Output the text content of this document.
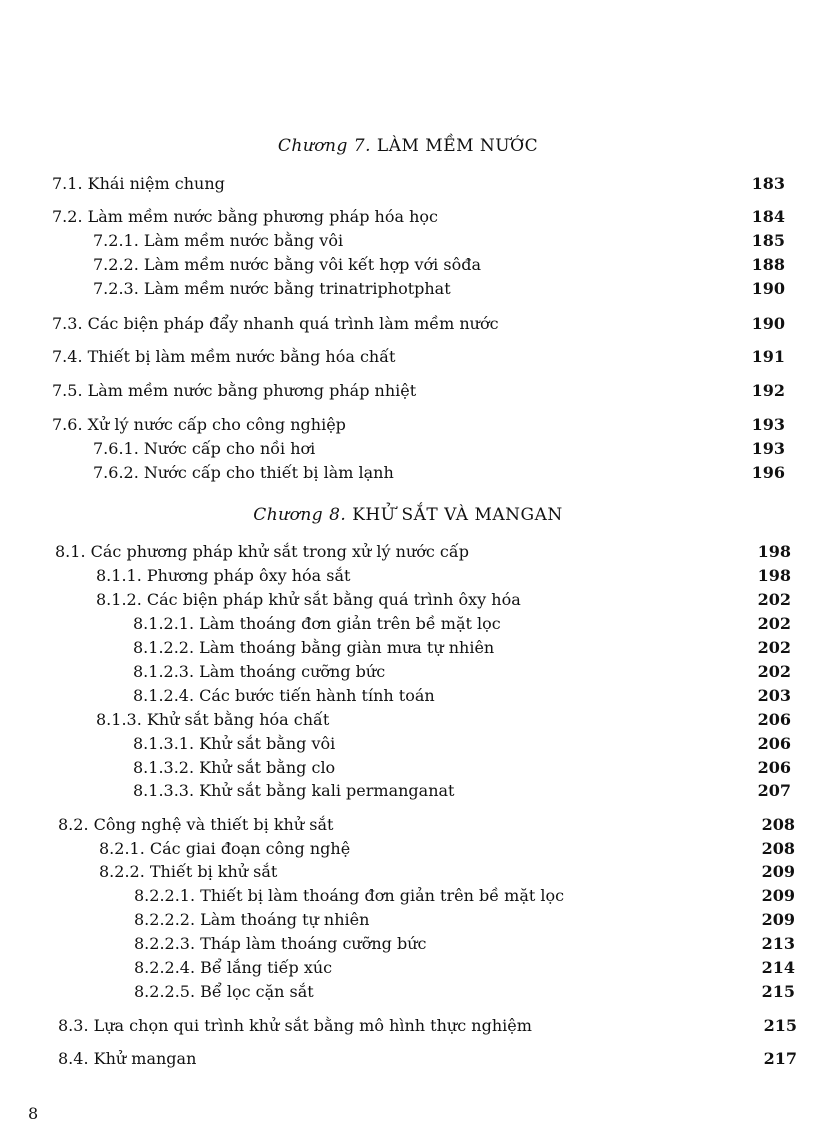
Chương 7. LÀM MỀM NƯỚC
7.1. Khái niệm chung	183
7.2. Làm mềm nước bằng phương pháp hóa học	184
7.2.1. Làm mềm nước bằng vôi	185
7.2.2. Làm mềm nước bằng vôi kết hợp với sôđa	188
7.2.3. Làm mềm nước bằng trinatriphotphat	190
7.3. Các biện pháp đẩy nhanh quá trình làm mềm nước	190
7.4. Thiết bị làm mềm nước bằng hóa chất	191
7.5. Làm mềm nước bằng phương pháp nhiệt	192
7.6. Xử lý nước cấp cho công nghiệp	193
7.6.1. Nước cấp cho nồi hơi	193
7.6.2. Nước cấp cho thiết bị làm lạnh	196
Chương 8. KHỬ SẮT VÀ MANGAN
8.1. Các phương pháp khử sắt trong xử lý nước cấp	198
8.1.1. Phương pháp ôxy hóa sắt	198
8.1.2. Các biện pháp khử sắt bằng quá trình ôxy hóa	202
8.1.2.1. Làm thoáng đơn giản trên bề mặt lọc	202
8.1.2.2. Làm thoáng bằng giàn mưa tự nhiên	202
8.1.2.3. Làm thoáng cưỡng bức	202
8.1.2.4. Các bước tiến hành tính toán	203
8.1.3. Khử sắt bằng hóa chất	206
8.1.3.1. Khử sắt bằng vôi	206
8.1.3.2. Khử sắt bằng clo	206
8.1.3.3. Khử sắt bằng kali permanganat	207
8.2. Công nghệ và thiết bị khử sắt	208
8.2.1. Các giai đoạn công nghệ	208
8.2.2. Thiết bị khử sắt	209
8.2.2.1. Thiết bị làm thoáng đơn giản trên bề mặt lọc	209
8.2.2.2. Làm thoáng tự nhiên	209
8.2.2.3. Tháp làm thoáng cưỡng bức	213
8.2.2.4. Bể lắng tiếp xúc	214
8.2.2.5. Bể lọc cặn sắt	215
8.3. Lựa chọn qui trình khử sắt bằng mô hình thực nghiệm	215
8.4. Khử mangan	217
8
